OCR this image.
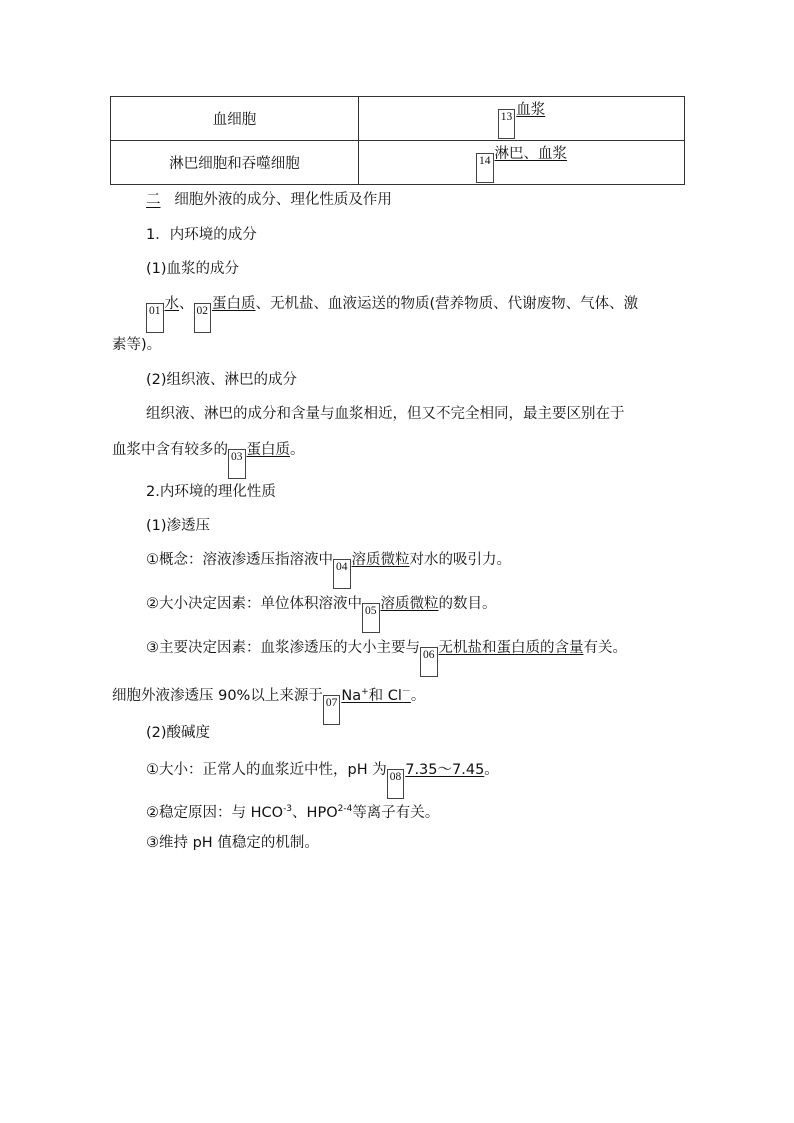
血细胞	13 血浆
淋巴细胞和吞噬细胞	14 淋巴、血浆
二 细胞外液的成分、理化性质及作用
1．内环境的成分
(1)血浆的成分
01 水、 02 蛋白质、无机盐、血液运送的物质(营养物质、代谢废物、气体、激
素等)。
(2)组织液、淋巴的成分
组织液、淋巴的成分和含量与血浆相近，但又不完全相同，最主要区别在于
血浆中含有较多的 03 蛋白质。
2.内环境的理化性质
(1)渗透压
①概念：溶液渗透压指溶液中 04 溶质微粒对水的吸引力。
②大小决定因素：单位体积溶液中 05 溶质微粒的数目。
③主要决定因素：血浆渗透压的大小主要与 06 无机盐和蛋白质的含量有关。
细胞外液渗透压 90%以上来源于 07 Na+和 Cl－。
(2)酸碱度
①大小：正常人的血浆近中性，pH 为 08 7.35～7.45。
②稳定原因：与 $HCO^{-3}$、HPO$^{2-4}$等离子有关。
③维持 pH 值稳定的机制。
